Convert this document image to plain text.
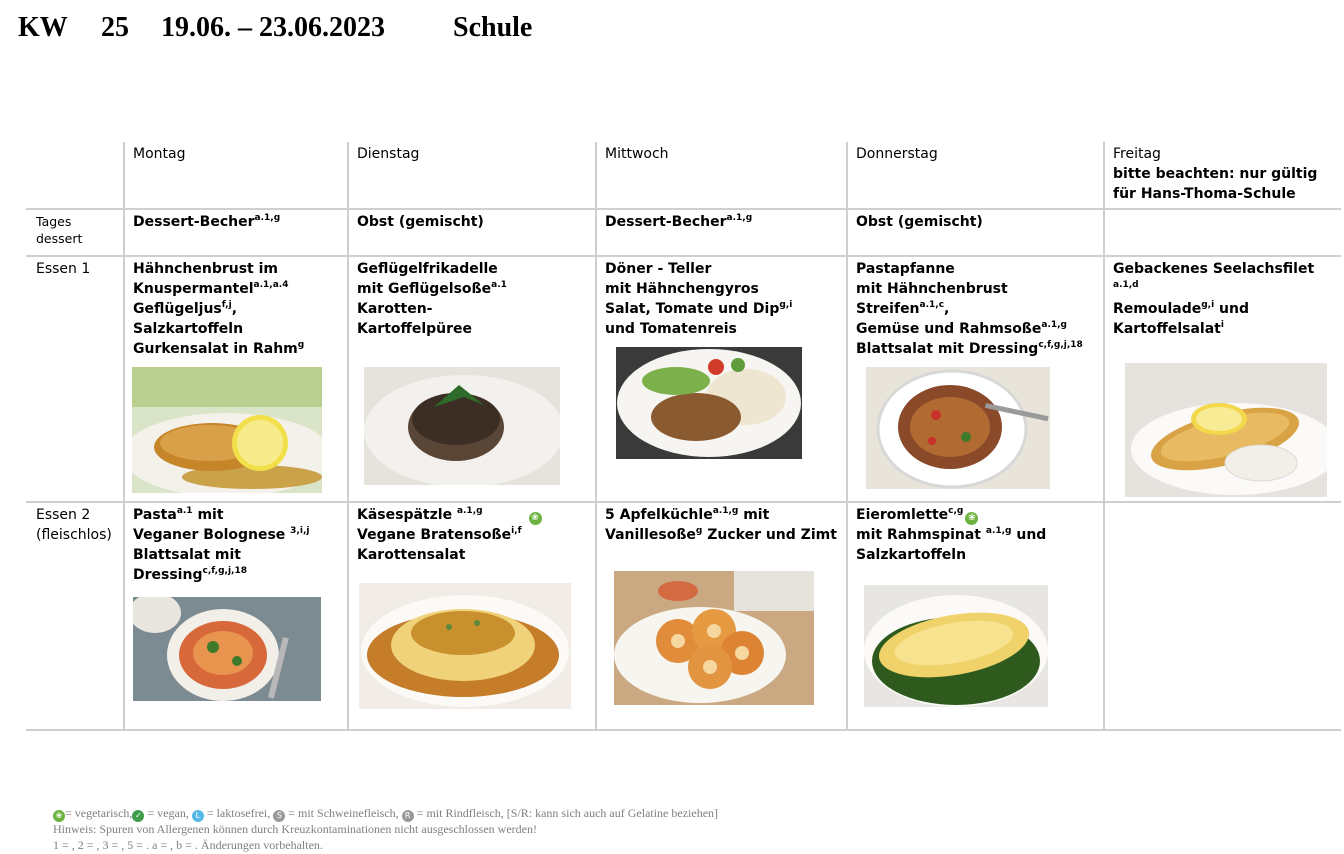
KW 25 19.06. – 23.06.2023 Schule
	Montag	Dienstag	Mittwoch	Donnerstag	Freitag
bitte beachten: nur gültig für Hans-Thoma-Schule
Tages
dessert	Dessert-Becher$^{a.1,g}$	Obst (gemischt)	Dessert-Becher$^{a.1,g}$	Obst (gemischt)	
Essen 1	Hähnchenbrust im
Knuspermantel$^{a.1,a.4}$
Geflügeljus$^{f,j}$, Salzkartoffeln
Gurkensalat in Rahm$^g$	Geflügelfrikadelle
mit Geflügelsoße$^{a.1}$ Karotten-
Kartoffelpüree	Döner - Teller
mit Hähnchengyros
Salat, Tomate und Dip$^{g,i}$
und Tomatenreis	Pastapfanne
mit Hähnchenbrust Streifen$^{a.1,c}$,
Gemüse und Rahmsoße$^{a.1,g}$
Blattsalat mit Dressing$^{c,f,g,j,18}$	Gebackenes Seelachsfilet $^{a.1,d}$
Remoulade$^{g,i}$ und
Kartoffelsalat$^i$

Essen 2
(fleischlos)	Pasta$^{a.1}$ mit
Veganer Bolognese $^{3,i,j}$
Blattsalat mit Dressing$^{c,f,g,j,18}$	Käsespätzle $^{a.1,g}$❀
Vegane Bratensoße$^{i,f}$
Karottensalat	5 Apfelküchle$^{a.1,g}$ mit
Vanillesoße$^g$ Zucker und Zimt	Eieromlette$^{c,g}$❀
mit Rahmspinat $^{a.1,g}$ und
Salzkartoffeln	

❀ = vegetarisch, ✓ = vegan, L = laktosefrei, S = mit Schweinefleisch, R = mit Rindfleisch, [S/R: kann sich auch auf Gelatine beziehen]
Hinweis: Spuren von Allergenen können durch Kreuzkontaminationen nicht ausgeschlossen werden!
1 = , 2 = , 3 = , 5 = . a = , b = . Änderungen vorbehalten.
